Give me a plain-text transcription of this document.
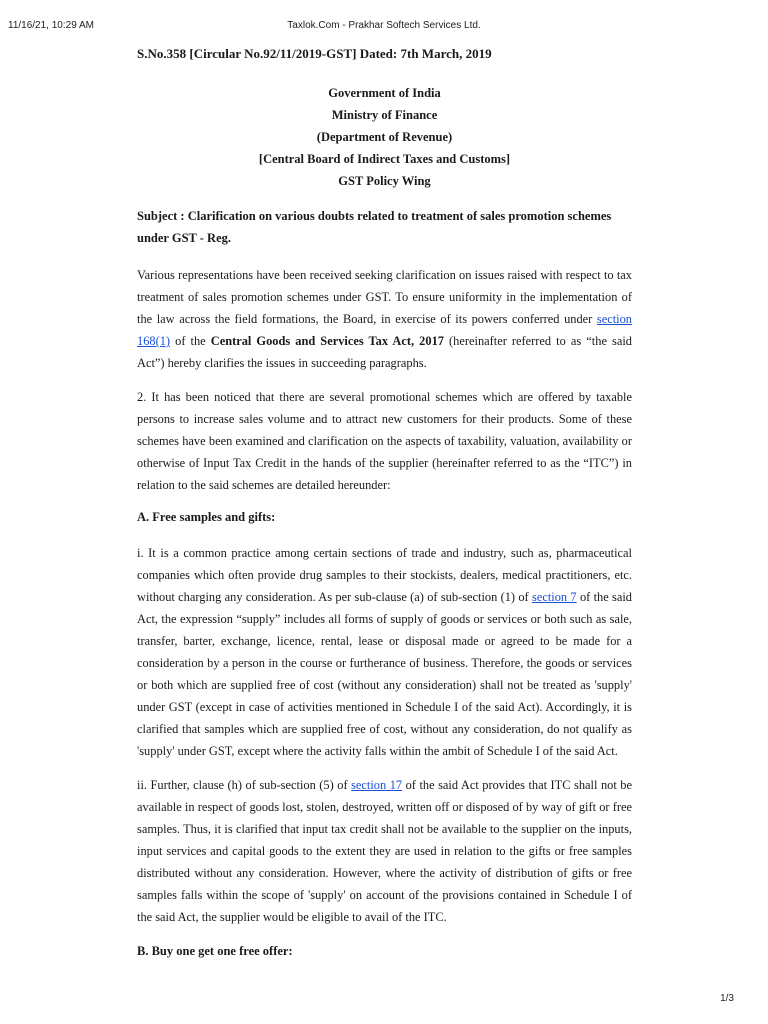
11/16/21, 10:29 AM	Taxlok.Com - Prakhar Softech Services Ltd.
S.No.358 [Circular No.92/11/2019-GST] Dated: 7th March, 2019
Government of India
Ministry of Finance
(Department of Revenue)
[Central Board of Indirect Taxes and Customs]
GST Policy Wing
Subject : Clarification on various doubts related to treatment of sales promotion schemes under GST - Reg.

Various representations have been received seeking clarification on issues raised with respect to tax treatment of sales promotion schemes under GST. To ensure uniformity in the implementation of the law across the field formations, the Board, in exercise of its powers conferred under section 168(1) of the Central Goods and Services Tax Act, 2017 (hereinafter referred to as “the said Act”) hereby clarifies the issues in succeeding paragraphs.

2. It has been noticed that there are several promotional schemes which are offered by taxable persons to increase sales volume and to attract new customers for their products. Some of these schemes have been examined and clarification on the aspects of taxability, valuation, availability or otherwise of Input Tax Credit in the hands of the supplier (hereinafter referred to as the “ITC”) in relation to the said schemes are detailed hereunder:

A. Free samples and gifts:

i. It is a common practice among certain sections of trade and industry, such as, pharmaceutical companies which often provide drug samples to their stockists, dealers, medical practitioners, etc. without charging any consideration. As per sub-clause (a) of sub-section (1) of section 7 of the said Act, the expression “supply” includes all forms of supply of goods or services or both such as sale, transfer, barter, exchange, licence, rental, lease or disposal made or agreed to be made for a consideration by a person in the course or furtherance of business. Therefore, the goods or services or both which are supplied free of cost (without any consideration) shall not be treated as 'supply' under GST (except in case of activities mentioned in Schedule I of the said Act). Accordingly, it is clarified that samples which are supplied free of cost, without any consideration, do not qualify as 'supply' under GST, except where the activity falls within the ambit of Schedule I of the said Act.

ii. Further, clause (h) of sub-section (5) of section 17 of the said Act provides that ITC shall not be available in respect of goods lost, stolen, destroyed, written off or disposed of by way of gift or free samples. Thus, it is clarified that input tax credit shall not be available to the supplier on the inputs, input services and capital goods to the extent they are used in relation to the gifts or free samples distributed without any consideration. However, where the activity of distribution of gifts or free samples falls within the scope of 'supply' on account of the provisions contained in Schedule I of the said Act, the supplier would be eligible to avail of the ITC.

B. Buy one get one free offer:
1/3
